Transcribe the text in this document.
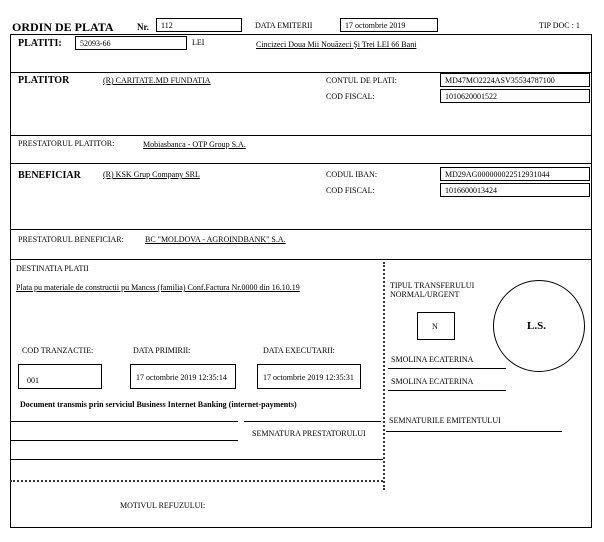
ORDIN DE PLATA	Nr. 112	DATA EMITERII	17 octombrie 2019	TIP DOC : 1
PLATITI: 52093-66	LEI	Cincizeci Doua Mii Nouăzeci Şi Trei LEI 66 Bani
PLATITOR	(R) CARITATE.MD FUNDATIA	CONTUL DE PLATI:	MD47MO2224ASV35534787100
COD FISCAL:	1010620001522
PRESTATORUL PLATITOR:	Mobiasbanca - OTP Group S.A.
BENEFICIAR	(R) KSK Grup Company SRL	CODUL IBAN:	MD29AG000000022512931044
COD FISCAL:	1016600013424
PRESTATORUL BENEFICIAR:	BC "MOLDOVA - AGROINDBANK" S.A.
DESTINATIA PLATII
Plata pu materiale de constructii pu Mancss (familia) Conf.Factura Nr.0000 din 16.10.19	TIPUL TRANSFERULUI
NORMAL/URGENT
N	L.S.
COD TRANZACTIE:
001
DATA PRIMIRII:
17 octombrie 2019 12:35:14
DATA EXECUTARII:
17 octombrie 2019 12:35:31
SMOLINA ECATERINA
SMOLINA ECATERINA
Document transmis prin serviciul Business Internet Banking (internet-payments)
SEMNATURA PRESTATORULUI
SEMNATURILE EMITENTULUI
MOTIVUL REFUZULUI:
